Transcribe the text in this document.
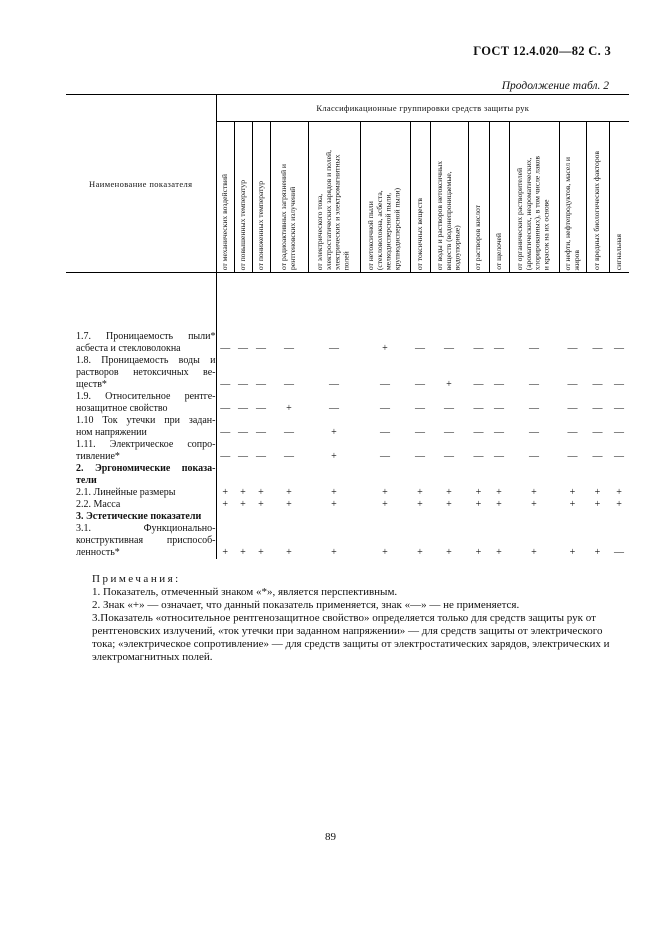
ГОСТ 12.4.020—82 С. 3
Продолжение табл. 2
Наименование показателя	Классификационные группировки средств защиты рук													

	от механических воздействий	от повышенных температур	от пониженных температур	от радиоактивных загрязнений и
рентгеновских излучений	от электрического тока,
электростатических зарядов и полей,
электрических и электромагнитных
полей	от нетоксичной пыли
(стекловолокна, асбеста,
мелкодисперсной пыли,
крупнодисперсной пыли)	от токсичных веществ	от воды и растворов нетоксичных
веществ (водонепроницаемые,
водоупорные)	от растворов кислот	от щелочей	от органических растворителей
(ароматических, неароматических,
хлорированных), в том числе лаков
и красок на их основе	от нефти, нефтепродуктов, масел и
жиров	от вредных биологических факторов	сигнальная

1.7. Проницаемость пыли*
асбеста и стекловолокна	—	—	—	—	—	+	—	—	—	—	—	—	—	—

1.8. Проницаемость воды и
растворов нетоксичных ве-
ществ*	—	—	—	—	—	—	—	+	—	—	—	—	—	—

1.9. Относительное рентге-
нозащитное свойство	—	—	—	+	—	—	—	—	—	—	—	—	—	—

1.10 Ток утечки при задан-
ном напряжении	—	—	—	—	+	—	—	—	—	—	—	—	—	—

1.11. Электрическое сопро-
тивление*	—	—	—	—	+	—	—	—	—	—	—	—	—	—

2. Эргономические показа-
тели														

2.1. Линейные размеры	+	+	+	+	+	+	+	+	+	+	+	+	+	+

2.2. Масса	+	+	+	+	+	+	+	+	+	+	+	+	+	+

3. Эстетические показатели														

3.1. Функционально-
конструктивная приспособ-
ленность*	+	+	+	+	+	+	+	+	+	+	+	+	+	—

Примечания:

1. Показатель, отмеченный знаком «*», является перспективным.

2. Знак «+» — означает, что данный показатель применяется, знак «—» — не применяется.

3.Показатель «относительное рентгенозащитное свойство» определяется только для средств защиты рук от рентгеновских излучений, «ток утечки при заданном напряжении» — для средств защиты от электрического тока; «электрическое сопротивление» — для средств защиты от электростатических зарядов, электрических и электромагнитных полей.

89
